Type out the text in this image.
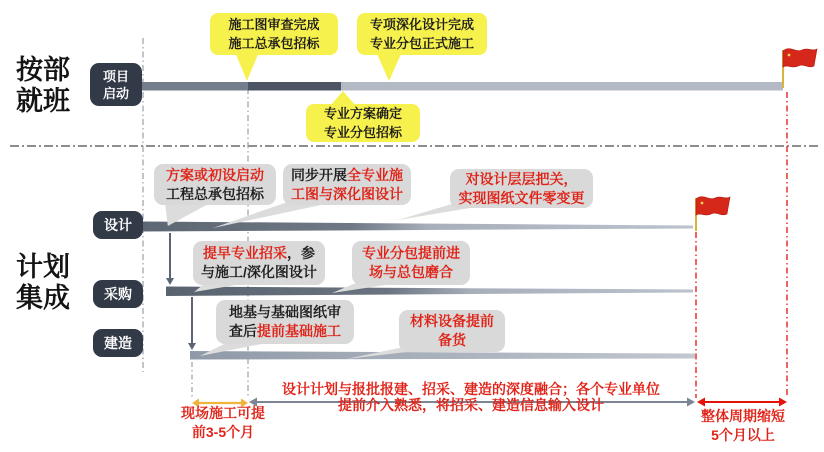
按部就班
计划集成
项目启动
设计
采购
建造
施工图审查完成
施工总承包招标
专项深化设计完成
专业分包正式施工
专业方案确定
专业分包招标
方案或初设启动
工程总承包招标
同步开展全专业施
工图与深化图设计
对设计层层把关，
实现图纸文件零变更
提早专业招采，参
与施工/深化图设计
专业分包提前进
场与总包磨合
地基与基础图纸审
查后提前基础施工
材料设备提前
备货
现场施工可提
前3-5个月
设计计划与报批报建、招采、建造的深度融合；各个专业单位
提前介入熟悉，将招采、建造信息输入设计
整体周期缩短
5个月以上
